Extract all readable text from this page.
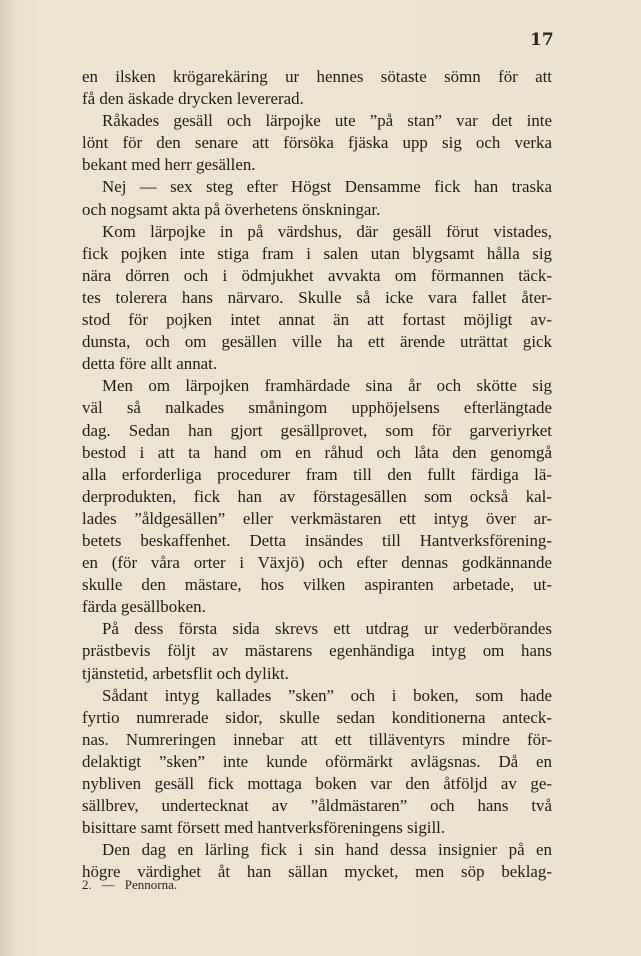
17

en ilsken krögarekäring ur hennes sötaste sömn för att

få den äskade drycken levererad.

Råkades gesäll och lärpojke ute ”på stan” var det inte

lönt för den senare att försöka fjäska upp sig och verka

bekant med herr gesällen.

Nej — sex steg efter Högst Densamme fick han traska

och nogsamt akta på överhetens önskningar.

Kom lärpojke in på värdshus, där gesäll förut vistades,

fick pojken inte stiga fram i salen utan blygsamt hålla sig

nära dörren och i ödmjukhet avvakta om förmannen täck-

tes tolerera hans närvaro. Skulle så icke vara fallet åter-

stod för pojken intet annat än att fortast möjligt av-

dunsta, och om gesällen ville ha ett ärende uträttat gick

detta före allt annat.

Men om lärpojken framhärdade sina år och skötte sig

väl så nalkades småningom upphöjelsens efterlängtade

dag. Sedan han gjort gesällprovet, som för garveriyrket

bestod i att ta hand om en råhud och låta den genomgå

alla erforderliga procedurer fram till den fullt färdiga lä-

derprodukten, fick han av förstagesällen som också kal-

lades ”åldgesällen” eller verkmästaren ett intyg över ar-

betets beskaffenhet. Detta insändes till Hantverksförening-

en (för våra orter i Växjö) och efter dennas godkännande

skulle den mästare, hos vilken aspiranten arbetade, ut-

färda gesällboken.

På dess första sida skrevs ett utdrag ur vederbörandes

prästbevis följt av mästarens egenhändiga intyg om hans

tjänstetid, arbetsflit och dylikt.

Sådant intyg kallades ”sken” och i boken, som hade

fyrtio numrerade sidor, skulle sedan konditionerna anteck-

nas. Numreringen innebar att ett tilläventyrs mindre för-

delaktigt ”sken” inte kunde oförmärkt avlägsnas. Då en

nybliven gesäll fick mottaga boken var den åtföljd av ge-

sällbrev, undertecknat av ”åldmästaren” och hans två

bisittare samt försett med hantverksföreningens sigill.

Den dag en lärling fick i sin hand dessa insignier på en

högre värdighet åt han sällan mycket, men söp beklag-

2. — Pennorna.
